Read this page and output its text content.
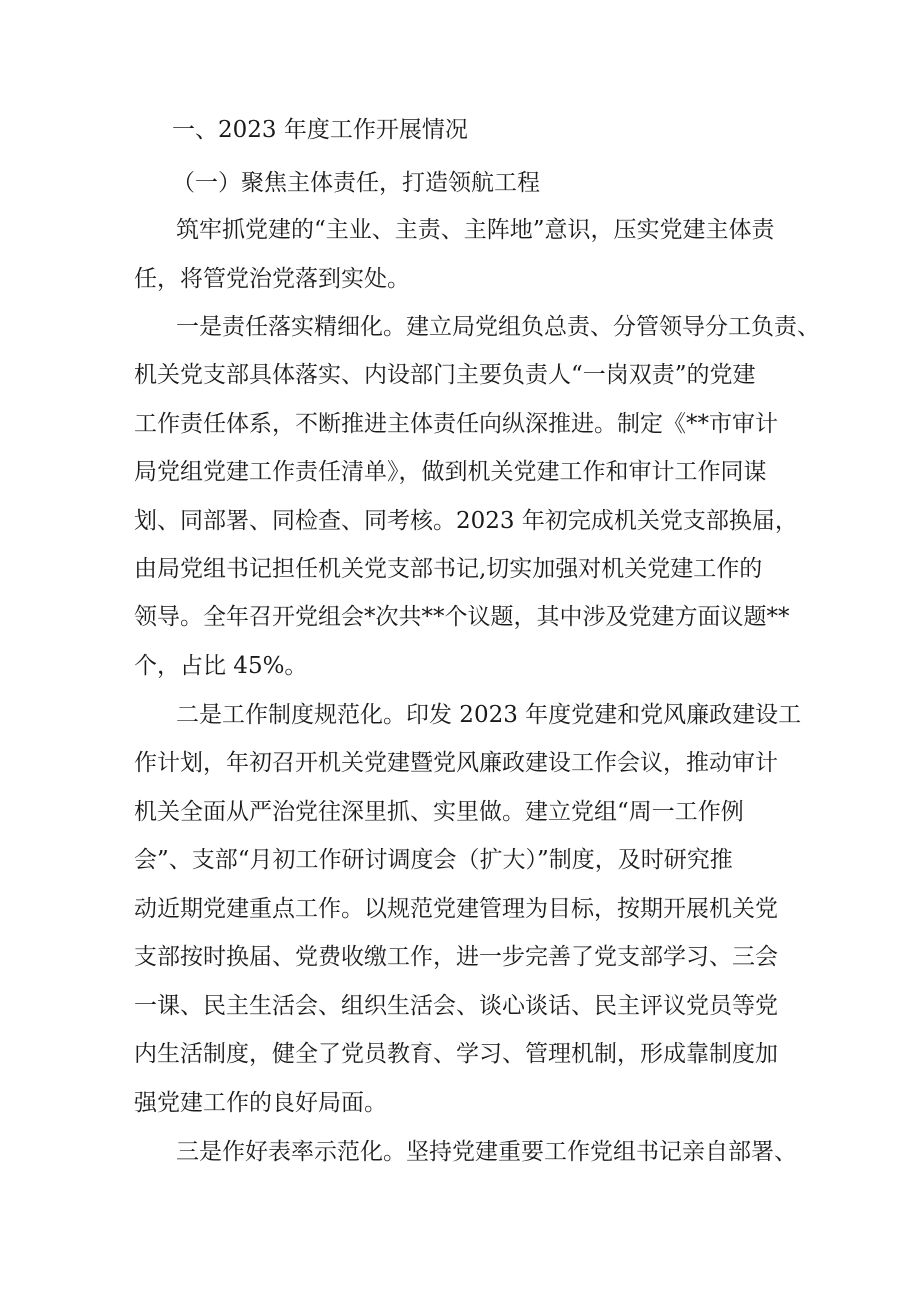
一、2023 年度工作开展情况
（一）聚焦主体责任，打造领航工程
筑牢抓党建的“主业、主责、主阵地”意识，压实党建主体责
任，将管党治党落到实处。
一是责任落实精细化。建立局党组负总责、分管领导分工负责、
机关党支部具体落实、内设部门主要负责人“一岗双责”的党建
工作责任体系，不断推进主体责任向纵深推进。制定《**市审计
局党组党建工作责任清单》，做到机关党建工作和审计工作同谋
划、同部署、同检查、同考核。2023 年初完成机关党支部换届，
由局党组书记担任机关党支部书记,切实加强对机关党建工作的
领导。全年召开党组会*次共**个议题，其中涉及党建方面议题**
个，占比 45%。
二是工作制度规范化。印发 2023 年度党建和党风廉政建设工
作计划，年初召开机关党建暨党风廉政建设工作会议，推动审计
机关全面从严治党往深里抓、实里做。建立党组“周一工作例
会”、支部“月初工作研讨调度会（扩大）”制度，及时研究推
动近期党建重点工作。以规范党建管理为目标，按期开展机关党
支部按时换届、党费收缴工作，进一步完善了党支部学习、三会
一课、民主生活会、组织生活会、谈心谈话、民主评议党员等党
内生活制度，健全了党员教育、学习、管理机制，形成靠制度加
强党建工作的良好局面。
三是作好表率示范化。坚持党建重要工作党组书记亲自部署、
